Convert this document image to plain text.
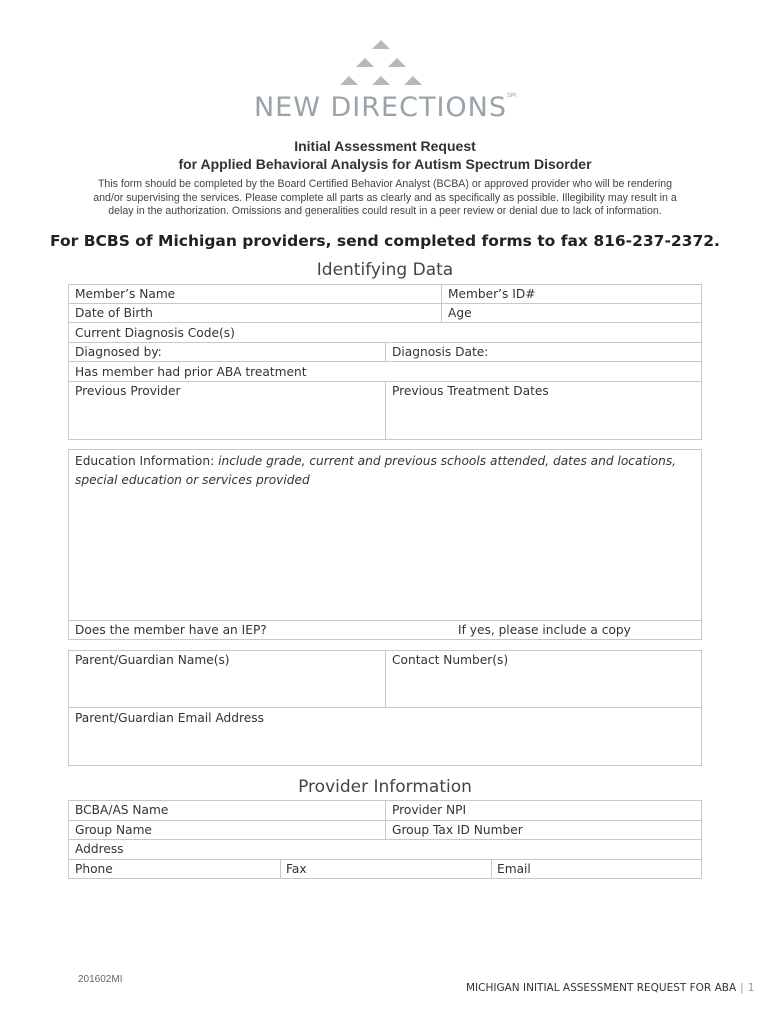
NEW DIRECTIONS℠
Initial Assessment Request
for Applied Behavioral Analysis for Autism Spectrum Disorder
This form should be completed by the Board Certified Behavior Analyst (BCBA) or approved provider who will be rendering
and/or supervising the services. Please complete all parts as clearly and as specifically as possible. Illegibility may result in a
delay in the authorization. Omissions and generalities could result in a peer review or denial due to lack of information.
For BCBS of Michigan providers, send completed forms to fax 816-237-2372.
Identifying Data
Member’s Name	Member’s ID#
Date of Birth	Age
Current Diagnosis Code(s)
Diagnosed by:	Diagnosis Date:
Has member had prior ABA treatment
Previous Provider	Previous Treatment Dates
Education Information: include grade, current and previous schools attended, dates and locations, special education or services provided
Does the member have an IEP?	If yes, please include a copy
Parent/Guardian Name(s)	Contact Number(s)
Parent/Guardian Email Address
Provider Information
BCBA/AS Name	Provider NPI
Group Name	Group Tax ID Number
Address
Phone	Fax	Email
201602MI
MICHIGAN INITIAL ASSESSMENT REQUEST FOR ABA | 1
